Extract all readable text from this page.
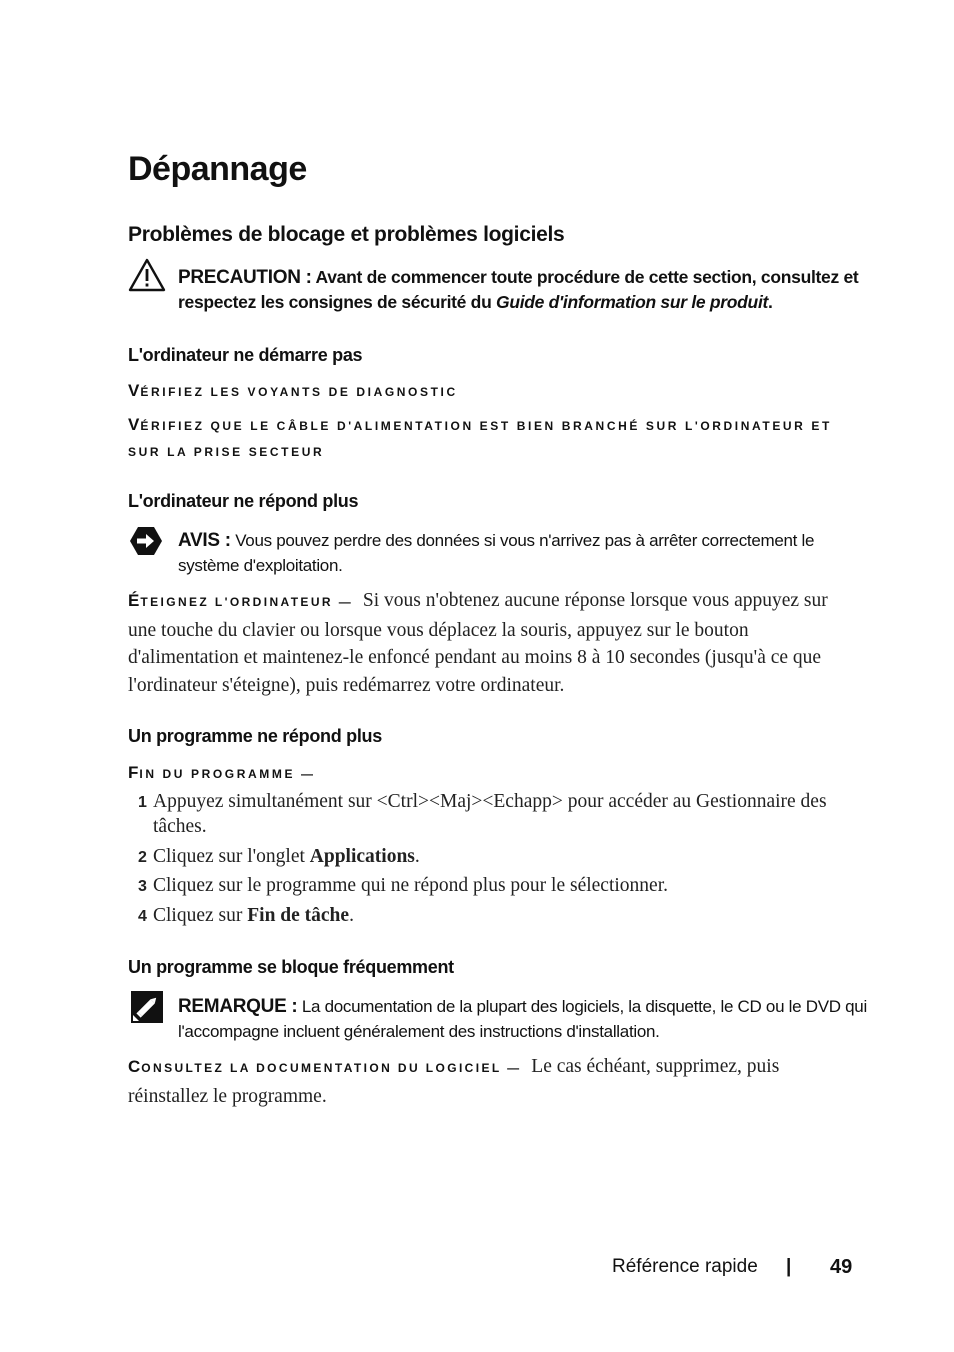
Dépannage
Problèmes de blocage et problèmes logiciels
PRECAUTION : Avant de commencer toute procédure de cette section, consultez et respectez les consignes de sécurité du Guide d'information sur le produit.
L'ordinateur ne démarre pas
VÉRIFIEZ LES VOYANTS DE DIAGNOSTIC
VÉRIFIEZ QUE LE CÂBLE D'ALIMENTATION EST BIEN BRANCHÉ SUR L'ORDINATEUR ET SUR LA PRISE SECTEUR
L'ordinateur ne répond plus
AVIS : Vous pouvez perdre des données si vous n'arrivez pas à arrêter correctement le système d'exploitation.
ÉTEIGNEZ L'ORDINATEUR — Si vous n'obtenez aucune réponse lorsque vous appuyez sur une touche du clavier ou lorsque vous déplacez la souris, appuyez sur le bouton d'alimentation et maintenez-le enfoncé pendant au moins 8 à 10 secondes (jusqu'à ce que l'ordinateur s'éteigne), puis redémarrez votre ordinateur.
Un programme ne répond plus
FIN DU PROGRAMME —
1 Appuyez simultanément sur <Ctrl><Maj><Echapp> pour accéder au Gestionnaire des tâches.
2 Cliquez sur l'onglet Applications.
3 Cliquez sur le programme qui ne répond plus pour le sélectionner.
4 Cliquez sur Fin de tâche.
Un programme se bloque fréquemment
REMARQUE : La documentation de la plupart des logiciels, la disquette, le CD ou le DVD qui l'accompagne incluent généralement des instructions d'installation.
CONSULTEZ LA DOCUMENTATION DU LOGICIEL — Le cas échéant, supprimez, puis réinstallez le programme.
Référence rapide | 49
